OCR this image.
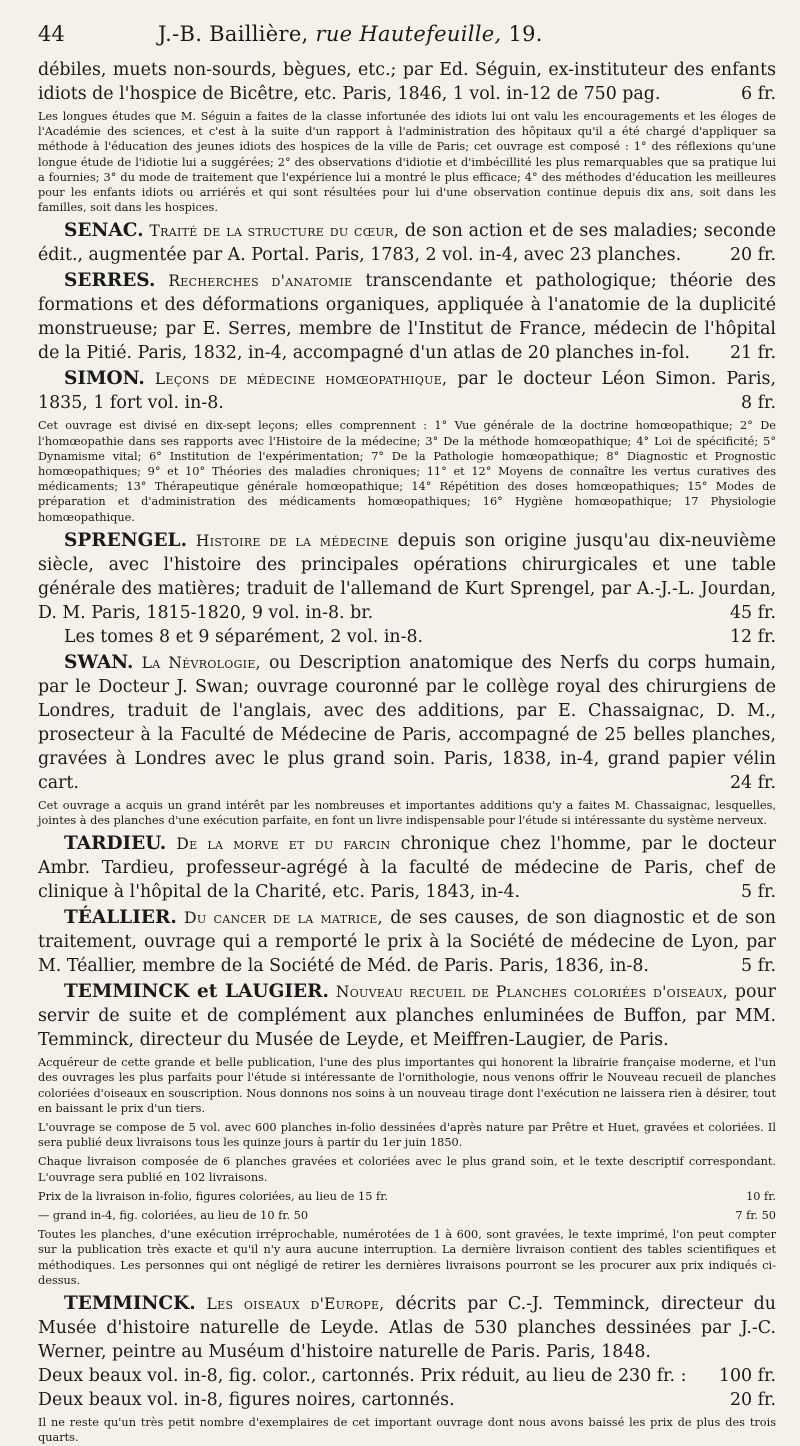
44	J.-B. Baillière, rue Hautefeuille, 19.
débiles, muets non-sourds, bègues, etc.; par Ed. Séguin, ex-instituteur des enfants idiots de l'hospice de Bicêtre, etc. Paris, 1846, 1 vol. in-12 de 750 pag.	6 fr.
Les longues études que M. Séguin a faites de la classe infortunée des idiots lui ont valu les encouragements et les éloges de l'Académie des sciences, et c'est à la suite d'un rapport à l'administration des hôpitaux qu'il a été chargé d'appliquer sa méthode à l'éducation des jeunes idiots des hospices de la ville de Paris; cet ouvrage est composé : 1° des réflexions qu'une longue étude de l'idiotie lui a suggérées; 2° des observations d'idiotie et d'imbécillité les plus remarquables que sa pratique lui a fournies; 3° du mode de traitement que l'expérience lui a montré le plus efficace; 4° des méthodes d'éducation les meilleures pour les enfants idiots ou arriérés et qui sont résultées pour lui d'une observation continue depuis dix ans, soit dans les familles, soit dans les hospices.
SENAC. Traité de la structure du cœur, de son action et de ses maladies; seconde édit., augmentée par A. Portal. Paris, 1783, 2 vol. in-4, avec 23 planches.	20 fr.
SERRES. Recherches d'anatomie transcendante et pathologique; théorie des formations et des déformations organiques, appliquée à l'anatomie de la duplicité monstrueuse; par E. Serres, membre de l'Institut de France, médecin de l'hôpital de la Pitié. Paris, 1832, in-4, accompagné d'un atlas de 20 planches in-fol.	21 fr.
SIMON. Leçons de médecine homœopathique, par le docteur Léon Simon. Paris, 1835, 1 fort vol. in-8.	8 fr.
Cet ouvrage est divisé en dix-sept leçons; elles comprennent : 1° Vue générale de la doctrine homœopathique; 2° De l'homœopathie dans ses rapports avec l'Histoire de la médecine; 3° De la méthode homœopathique; 4° Loi de spécificité; 5° Dynamisme vital; 6° Institution de l'expérimentation; 7° De la Pathologie homœopathique; 8° Diagnostic et Prognostic homœopathiques; 9° et 10° Théories des maladies chroniques; 11° et 12° Moyens de connaître les vertus curatives des médicaments; 13° Thérapeutique générale homœopathique; 14° Répétition des doses homœopathiques; 15° Modes de préparation et d'administration des médicaments homœopathiques; 16° Hygiène homœopathique; 17 Physiologie homœopathique.
SPRENGEL. Histoire de la médecine depuis son origine jusqu'au dix-neuvième siècle, avec l'histoire des principales opérations chirurgicales et une table générale des matières; traduit de l'allemand de Kurt Sprengel, par A.-J.-L. Jourdan, D. M. Paris, 1815-1820, 9 vol. in-8. br.	45 fr.
Les tomes 8 et 9 séparément, 2 vol. in-8.	12 fr.
SWAN. La Névrologie, ou Description anatomique des Nerfs du corps humain, par le Docteur J. Swan; ouvrage couronné par le collège royal des chirurgiens de Londres, traduit de l'anglais, avec des additions, par E. Chassaignac, D. M., prosecteur à la Faculté de Médecine de Paris, accompagné de 25 belles planches, gravées à Londres avec le plus grand soin. Paris, 1838, in-4, grand papier vélin cart.	24 fr.
Cet ouvrage a acquis un grand intérêt par les nombreuses et importantes additions qu'y a faites M. Chassaignac, lesquelles, jointes à des planches d'une exécution parfaite, en font un livre indispensable pour l'étude si intéressante du système nerveux.
TARDIEU. De la morve et du farcin chronique chez l'homme, par le docteur Ambr. Tardieu, professeur-agrégé à la faculté de médecine de Paris, chef de clinique à l'hôpital de la Charité, etc. Paris, 1843, in-4.	5 fr.
TÉALLIER. Du cancer de la matrice, de ses causes, de son diagnostic et de son traitement, ouvrage qui a remporté le prix à la Société de médecine de Lyon, par M. Téallier, membre de la Société de Méd. de Paris. Paris, 1836, in-8.	5 fr.
TEMMINCK et LAUGIER. Nouveau recueil de Planches coloriées d'oiseaux, pour servir de suite et de complément aux planches enluminées de Buffon, par MM. Temminck, directeur du Musée de Leyde, et Meiffren-Laugier, de Paris.
Acquéreur de cette grande et belle publication, l'une des plus importantes qui honorent la librairie française moderne, et l'un des ouvrages les plus parfaits pour l'étude si intéressante de l'ornithologie, nous venons offrir le Nouveau recueil de planches coloriées d'oiseaux en souscription. Nous donnons nos soins à un nouveau tirage dont l'exécution ne laissera rien à désirer, tout en baissant le prix d'un tiers.
L'ouvrage se compose de 5 vol. avec 600 planches in-folio dessinées d'après nature par Prêtre et Huet, gravées et coloriées. Il sera publié deux livraisons tous les quinze jours à partir du 1er juin 1850.
Chaque livraison composée de 6 planches gravées et coloriées avec le plus grand soin, et le texte descriptif correspondant. L'ouvrage sera publié en 102 livraisons.
Prix de la livraison in-folio, figures coloriées, au lieu de 15 fr.	10 fr.
— grand in-4, fig. coloriées, au lieu de 10 fr. 50	7 fr. 50
Toutes les planches, d'une exécution irréprochable, numérotées de 1 à 600, sont gravées, le texte imprimé, l'on peut compter sur la publication très exacte et qu'il n'y aura aucune interruption. La dernière livraison contient des tables scientifiques et méthodiques. Les personnes qui ont négligé de retirer les dernières livraisons pourront se les procurer aux prix indiqués ci-dessus.
TEMMINCK. Les oiseaux d'Europe, décrits par C.-J. Temminck, directeur du Musée d'histoire naturelle de Leyde. Atlas de 530 planches dessinées par J.-C. Werner, peintre au Muséum d'histoire naturelle de Paris. Paris, 1848.
Deux beaux vol. in-8, fig. color., cartonnés. Prix réduit, au lieu de 230 fr. : 100 fr.
Deux beaux vol. in-8, figures noires, cartonnés.	20 fr.
Il ne reste qu'un très petit nombre d'exemplaires de cet important ouvrage dont nous avons baissé les prix de plus des trois quarts.
